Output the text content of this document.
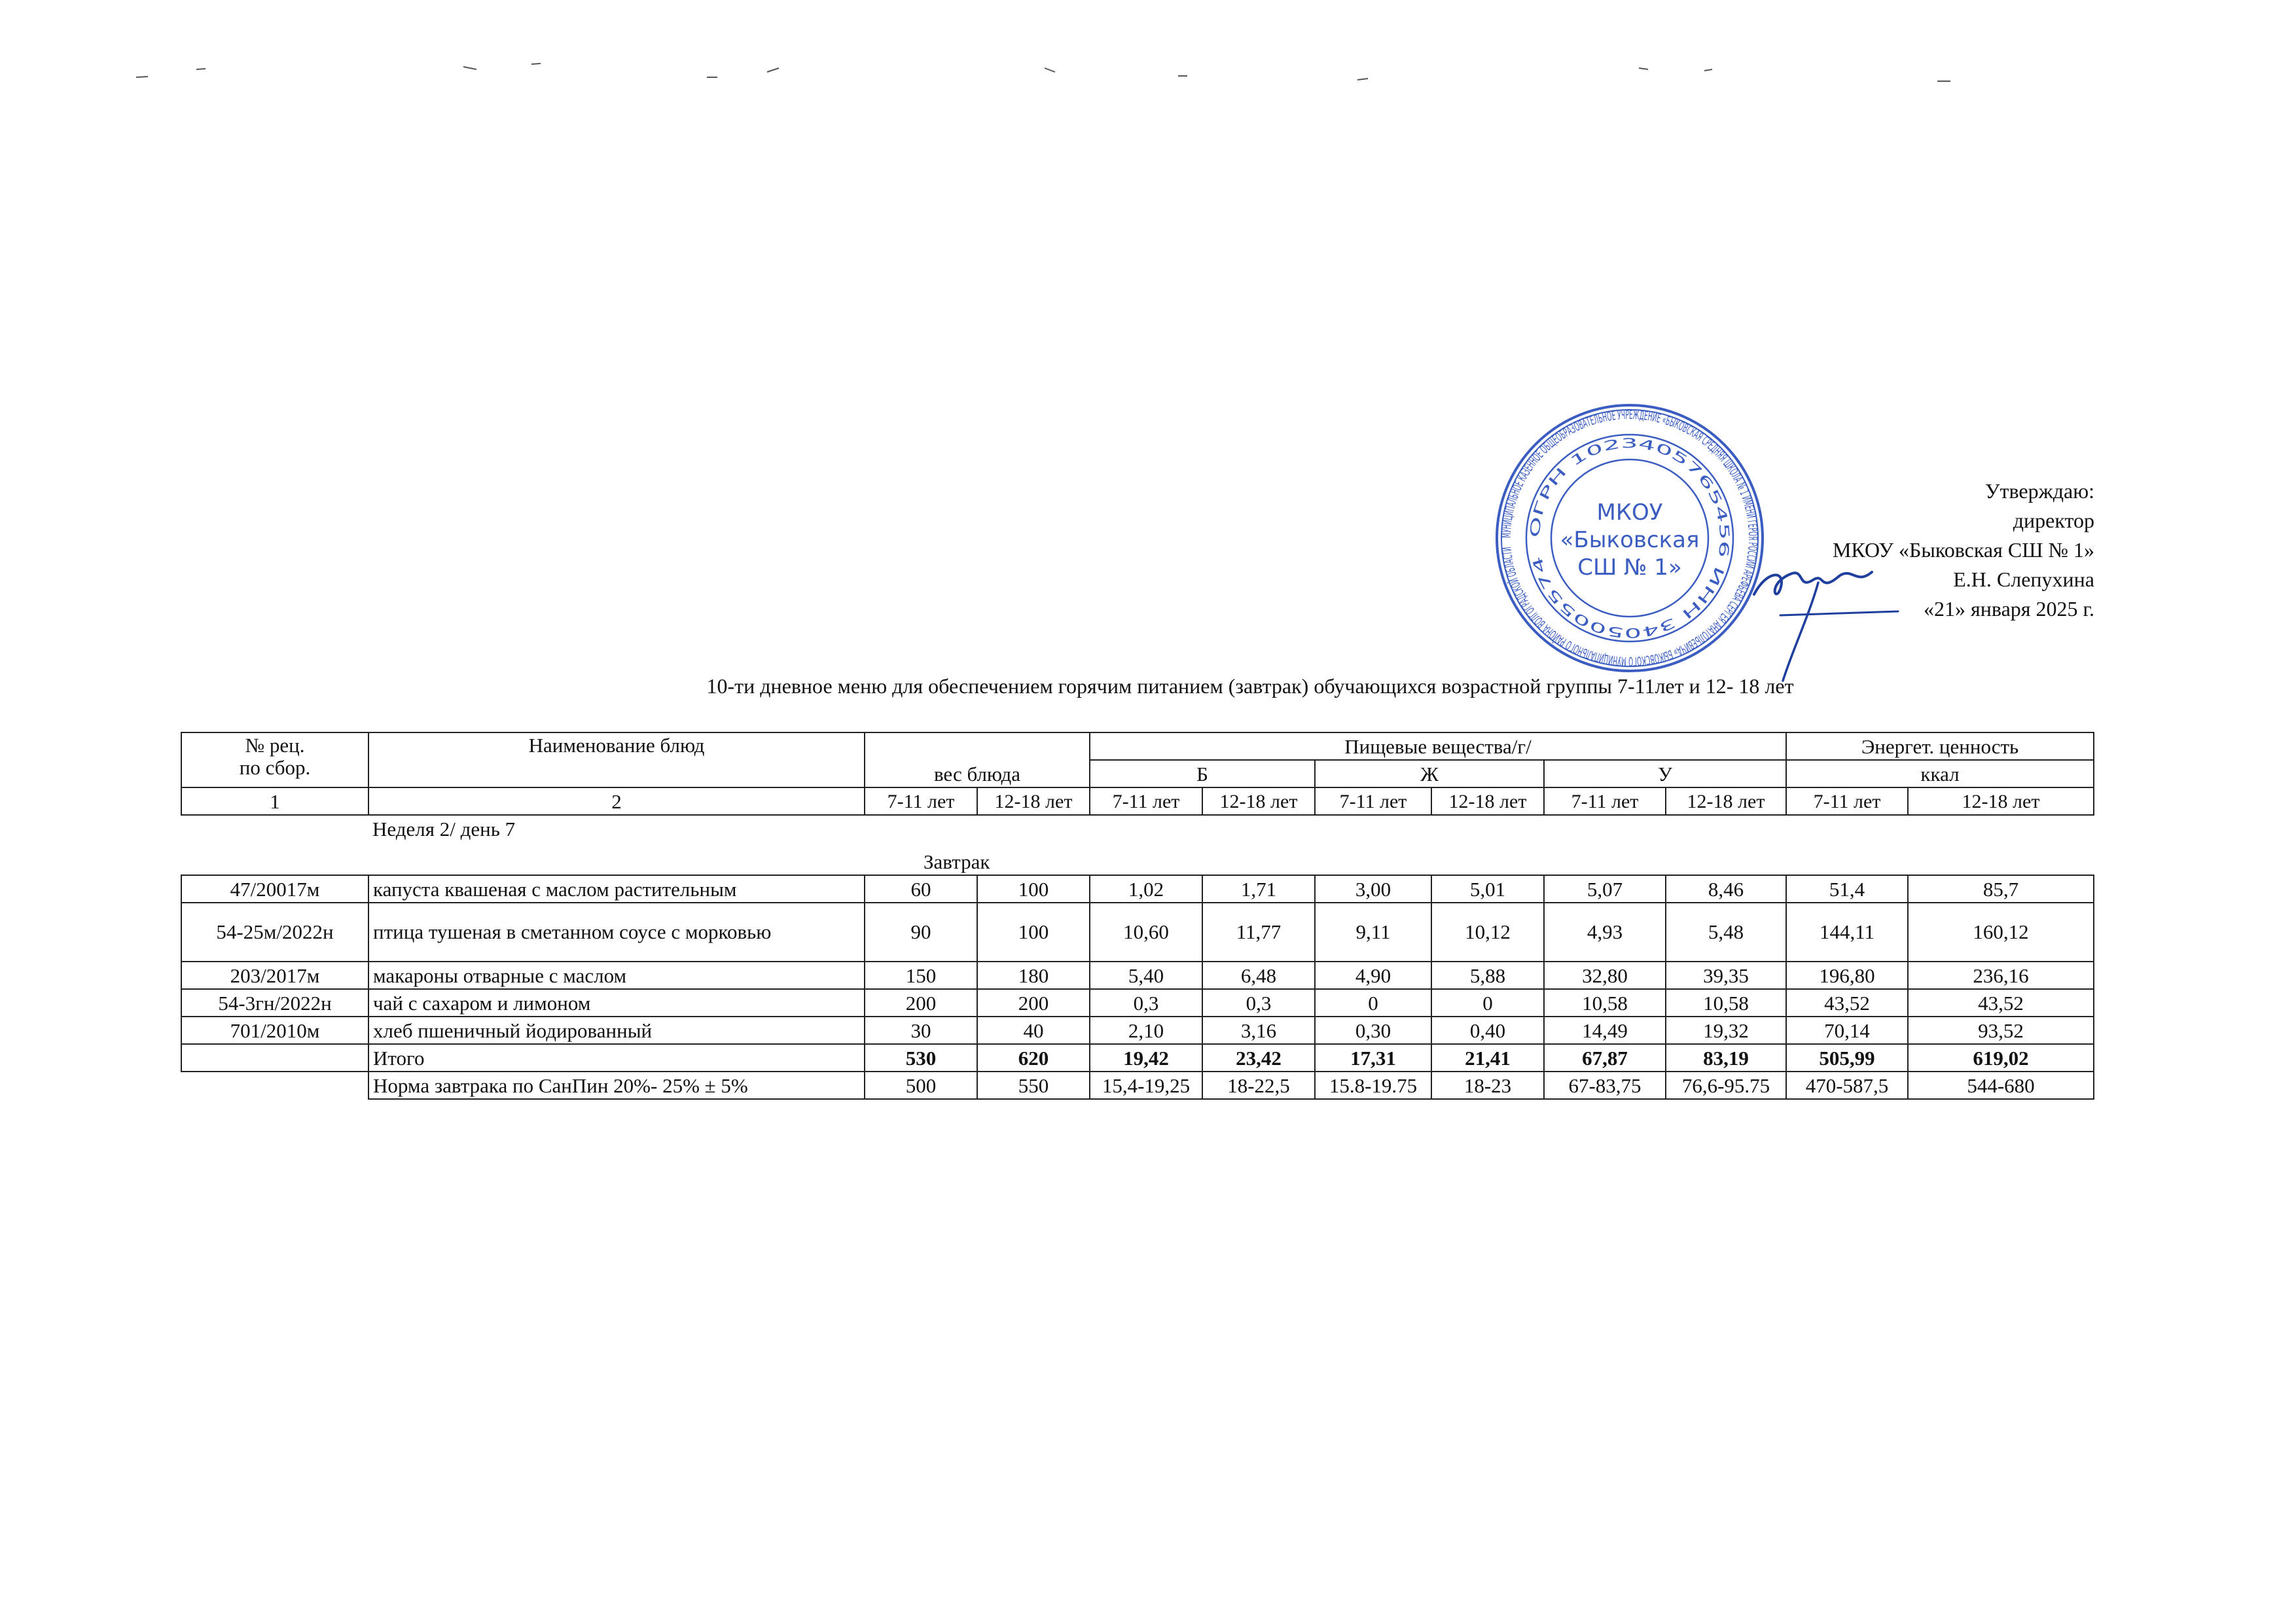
Утверждаю:
директор
МКОУ «Быковская СШ № 1»
Е.Н. Слепухина
«21» января 2025 г.
МУНИЦИПАЛЬНОЕ КАЗЕННОЕ ОБЩЕОБРАЗОВАТЕЛЬНОЕ УЧРЕЖДЕНИЕ «БЫКОВСКАЯ СРЕДНЯЯ ШКОЛА № 1 ИМЕНИ ГЕРОЯ РОССИИ АРЕФЬЕВА СЕРГЕЯ АНАТОЛЬЕВИЧА» БЫКОВСКОГО МУНИЦИПАЛЬНОГО РАЙОНА ВОЛГОГРАДСКОЙ ОБЛАСТИ
ОГРН 1023405765456 ИНН 3405005574
МКОУ
«Быковская
СШ № 1»
10-ти дневное меню для обеспечением горячим питанием (завтрак) обучающихся возрастной группы 7-11лет и 12- 18 лет
№ рец.
по сбор.	Наименование блюд	вес блюда		Пищевые вещества/г/						Энергет. ценность	
				Б		Ж		У		ккал	
1	2	7-11 лет	12-18 лет	7-11 лет	12-18 лет	7-11 лет	12-18 лет	7-11 лет	12-18 лет	7-11 лет	12-18 лет
	Неделя 2/ день 7										
		Завтрак									
47/20017м	капуста квашеная с маслом растительным	60	100	1,02	1,71	3,00	5,01	5,07	8,46	51,4	85,7
54-25м/2022н	птица тушеная в сметанном соусе с морковью	90	100	10,60	11,77	9,11	10,12	4,93	5,48	144,11	160,12
203/2017м	макароны отварные с маслом	150	180	5,40	6,48	4,90	5,88	32,80	39,35	196,80	236,16
54-3гн/2022н	чай с сахаром и лимоном	200	200	0,3	0,3	0	0	10,58	10,58	43,52	43,52
701/2010м	хлеб пшеничный йодированный	30	40	2,10	3,16	0,30	0,40	14,49	19,32	70,14	93,52
	Итого	530	620	19,42	23,42	17,31	21,41	67,87	83,19	505,99	619,02
	Норма завтрака по СанПин 20%- 25% ± 5%	500	550	15,4-19,25	18-22,5	15.8-19.75	18-23	67-83,75	76,6-95.75	470-587,5	544-680
